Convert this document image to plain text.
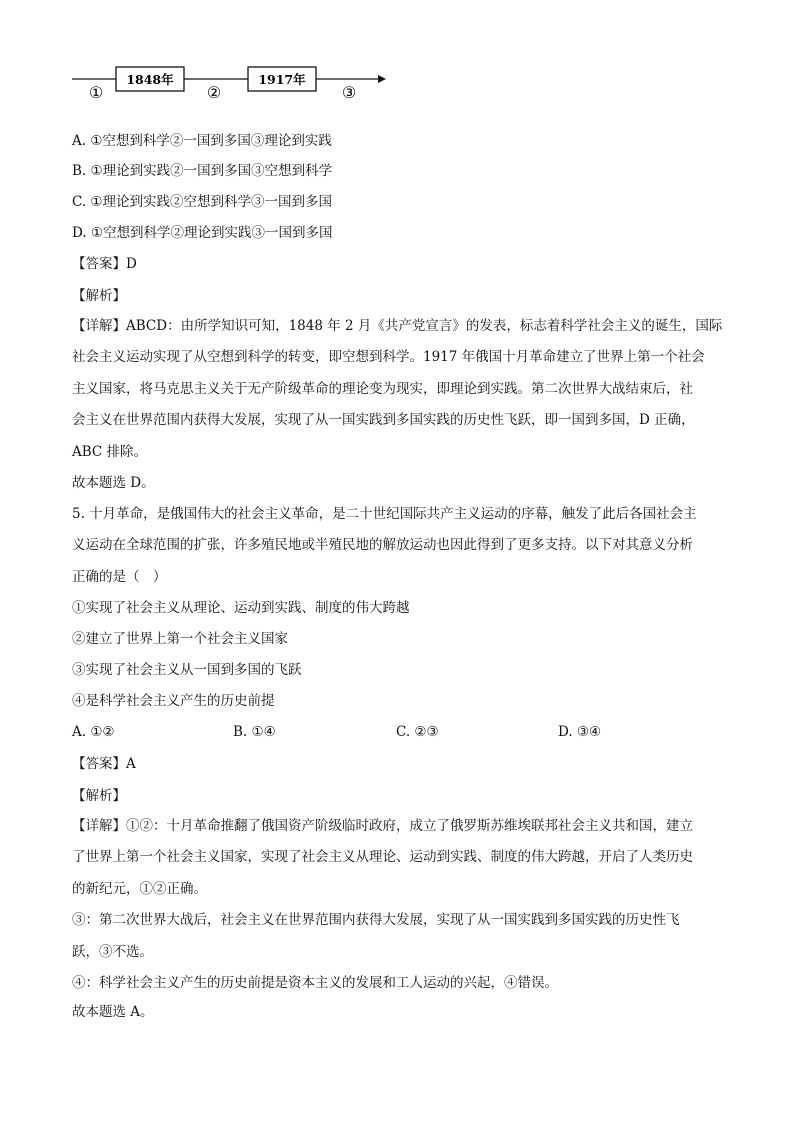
1848年	1917年
①	②	③
A. ①空想到科学②一国到多国③理论到实践
B. ①理论到实践②一国到多国③空想到科学
C. ①理论到实践②空想到科学③一国到多国
D. ①空想到科学②理论到实践③一国到多国
【答案】D
【解析】

【详解】ABCD：由所学知识可知，1848 年 2 月《共产党宣言》的发表，标志着科学社会主义的诞生，国际

社会主义运动实现了从空想到科学的转变，即空想到科学。1917 年俄国十月革命建立了世界上第一个社会

主义国家，将马克思主义关于无产阶级革命的理论变为现实，即理论到实践。第二次世界大战结束后，社

会主义在世界范围内获得大发展，实现了从一国实践到多国实践的历史性飞跃，即一国到多国，D 正确，

ABC 排除。

故本题选 D。

5. 十月革命，是俄国伟大的社会主义革命，是二十世纪国际共产主义运动的序幕，触发了此后各国社会主

义运动在全球范围的扩张，许多殖民地或半殖民地的解放运动也因此得到了更多支持。以下对其意义分析

正确的是（　）

①实现了社会主义从理论、运动到实践、制度的伟大跨越
②建立了世界上第一个社会主义国家
③实现了社会主义从一国到多国的飞跃
④是科学社会主义产生的历史前提
A. ①②	B. ①④	C. ②③	D. ③④
【答案】A
【解析】

【详解】①②：十月革命推翻了俄国资产阶级临时政府，成立了俄罗斯苏维埃联邦社会主义共和国，建立

了世界上第一个社会主义国家，实现了社会主义从理论、运动到实践、制度的伟大跨越，开启了人类历史

的新纪元，①②正确。

③：第二次世界大战后，社会主义在世界范围内获得大发展，实现了从一国实践到多国实践的历史性飞

跃，③不选。

④：科学社会主义产生的历史前提是资本主义的发展和工人运动的兴起，④错误。

故本题选 A。
